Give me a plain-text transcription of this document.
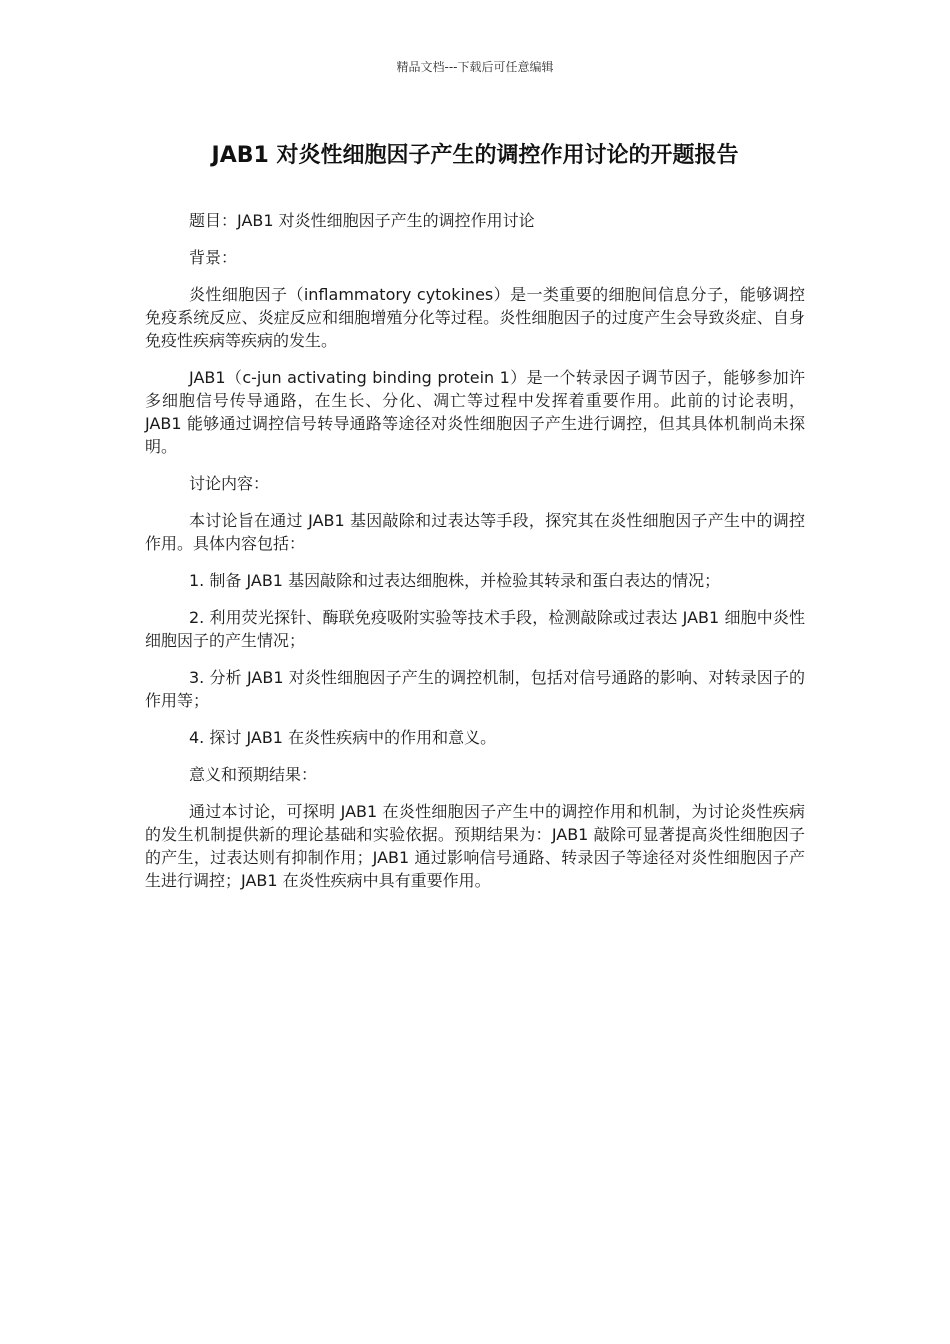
精品文档---下载后可任意编辑
JAB1 对炎性细胞因子产生的调控作用讨论的开题报告

题目：JAB1 对炎性细胞因子产生的调控作用讨论

背景：

炎性细胞因子（inflammatory cytokines）是一类重要的细胞间信息分子，能够调控免疫系统反应、炎症反应和细胞增殖分化等过程。炎性细胞因子的过度产生会导致炎症、自身免疫性疾病等疾病的发生。

JAB1（c-jun activating binding protein 1）是一个转录因子调节因子，能够参加许多细胞信号传导通路，在生长、分化、凋亡等过程中发挥着重要作用。此前的讨论表明，JAB1 能够通过调控信号转导通路等途径对炎性细胞因子产生进行调控，但其具体机制尚未探明。

讨论内容：

本讨论旨在通过 JAB1 基因敲除和过表达等手段，探究其在炎性细胞因子产生中的调控作用。具体内容包括：

1. 制备 JAB1 基因敲除和过表达细胞株，并检验其转录和蛋白表达的情况；

2. 利用荧光探针、酶联免疫吸附实验等技术手段，检测敲除或过表达 JAB1 细胞中炎性细胞因子的产生情况；

3. 分析 JAB1 对炎性细胞因子产生的调控机制，包括对信号通路的影响、对转录因子的作用等；

4. 探讨 JAB1 在炎性疾病中的作用和意义。

意义和预期结果：

通过本讨论，可探明 JAB1 在炎性细胞因子产生中的调控作用和机制，为讨论炎性疾病的发生机制提供新的理论基础和实验依据。预期结果为：JAB1 敲除可显著提高炎性细胞因子的产生，过表达则有抑制作用；JAB1 通过影响信号通路、转录因子等途径对炎性细胞因子产生进行调控；JAB1 在炎性疾病中具有重要作用。
